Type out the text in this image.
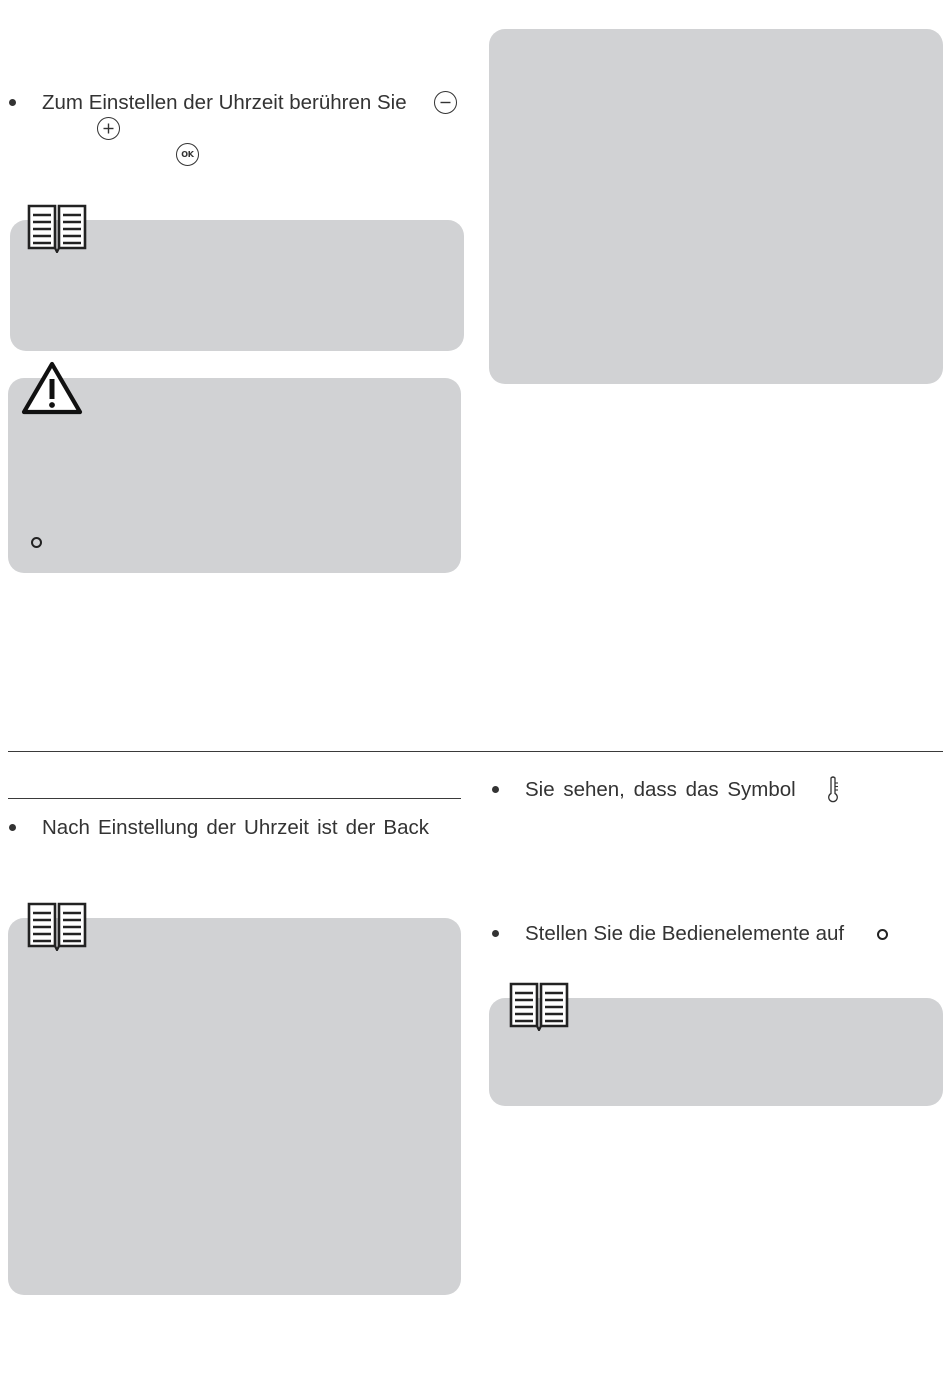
Zum Einstellen der Uhrzeit berühren Sie
OK
Nach Einstellung der Uhrzeit ist der Back
Sie sehen, dass das Symbol
Stellen Sie die Bedienelemente auf
